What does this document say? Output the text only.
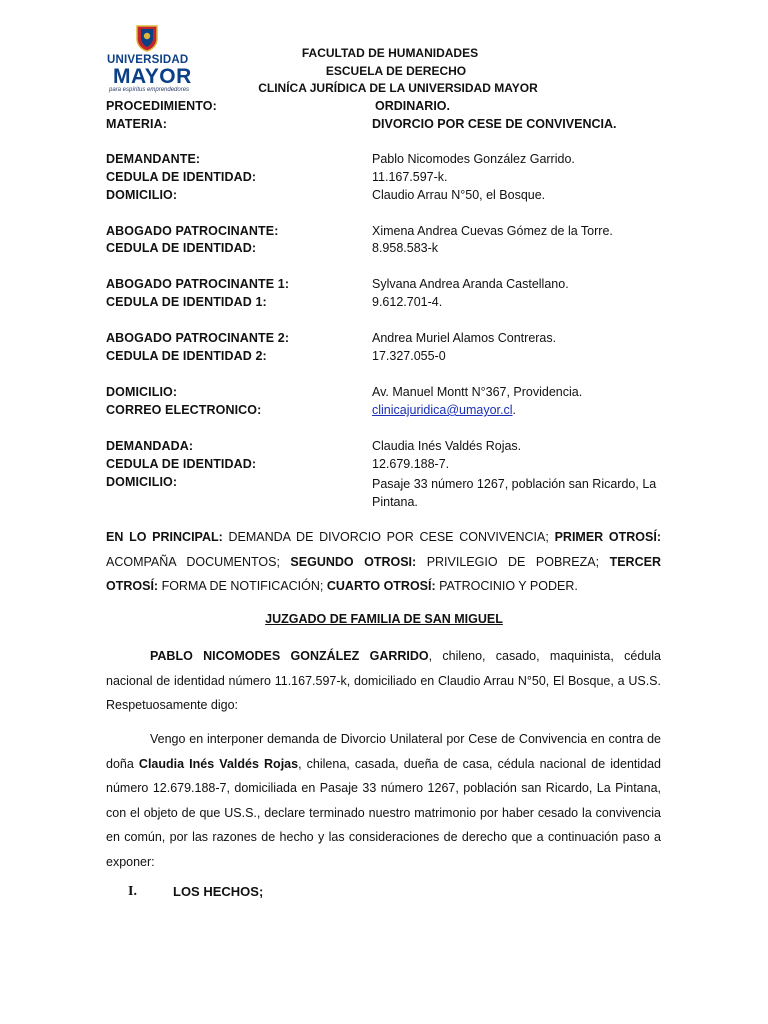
UNIVERSIDAD
MAYOR
para espíritus emprendedores
FACULTAD DE HUMANIDADES
ESCUELA DE DERECHO
CLINÍCA JURÍDICA DE LA UNIVERSIDAD MAYOR
PROCEDIMIENTO:	ORDINARIO.
MATERIA:	DIVORCIO POR CESE DE CONVIVENCIA.
DEMANDANTE:	Pablo Nicomodes González Garrido.
CEDULA DE IDENTIDAD:	11.167.597-k.
DOMICILIO:	Claudio Arrau N°50, el Bosque.
ABOGADO PATROCINANTE:	Ximena Andrea Cuevas Gómez de la Torre.
CEDULA DE IDENTIDAD:	8.958.583-k
ABOGADO PATROCINANTE 1:	Sylvana Andrea Aranda Castellano.
CEDULA DE IDENTIDAD 1:	9.612.701-4.
ABOGADO PATROCINANTE 2:	Andrea Muriel Alamos Contreras.
CEDULA DE IDENTIDAD 2:	17.327.055-0
DOMICILIO:	Av. Manuel Montt N°367, Providencia.
CORREO ELECTRONICO:	clinicajuridica@umayor.cl.
DEMANDADA:	Claudia Inés Valdés Rojas.
CEDULA DE IDENTIDAD:	12.679.188-7.
DOMICILIO:	Pasaje 33 número 1267, población san Ricardo, La Pintana.
EN LO PRINCIPAL: DEMANDA DE DIVORCIO POR CESE CONVIVENCIA; PRIMER OTROSÍ: ACOMPAÑA DOCUMENTOS; SEGUNDO OTROSI: PRIVILEGIO DE POBREZA; TERCER OTROSÍ: FORMA DE NOTIFICACIÓN; CUARTO OTROSÍ: PATROCINIO Y PODER.
JUZGADO DE FAMILIA DE SAN MIGUEL
PABLO NICOMODES GONZÁLEZ GARRIDO, chileno, casado, maquinista, cédula nacional de identidad número 11.167.597-k, domiciliado en Claudio Arrau N°50, El Bosque, a US.S. Respetuosamente digo:
Vengo en interponer demanda de Divorcio Unilateral por Cese de Convivencia en contra de doña Claudia Inés Valdés Rojas, chilena, casada, dueña de casa, cédula nacional de identidad número 12.679.188-7, domiciliada en Pasaje 33 número 1267, población san Ricardo, La Pintana, con el objeto de que US.S., declare terminado nuestro matrimonio por haber cesado la convivencia en común, por las razones de hecho y las consideraciones de derecho que a continuación paso a exponer:
I.	LOS HECHOS;
